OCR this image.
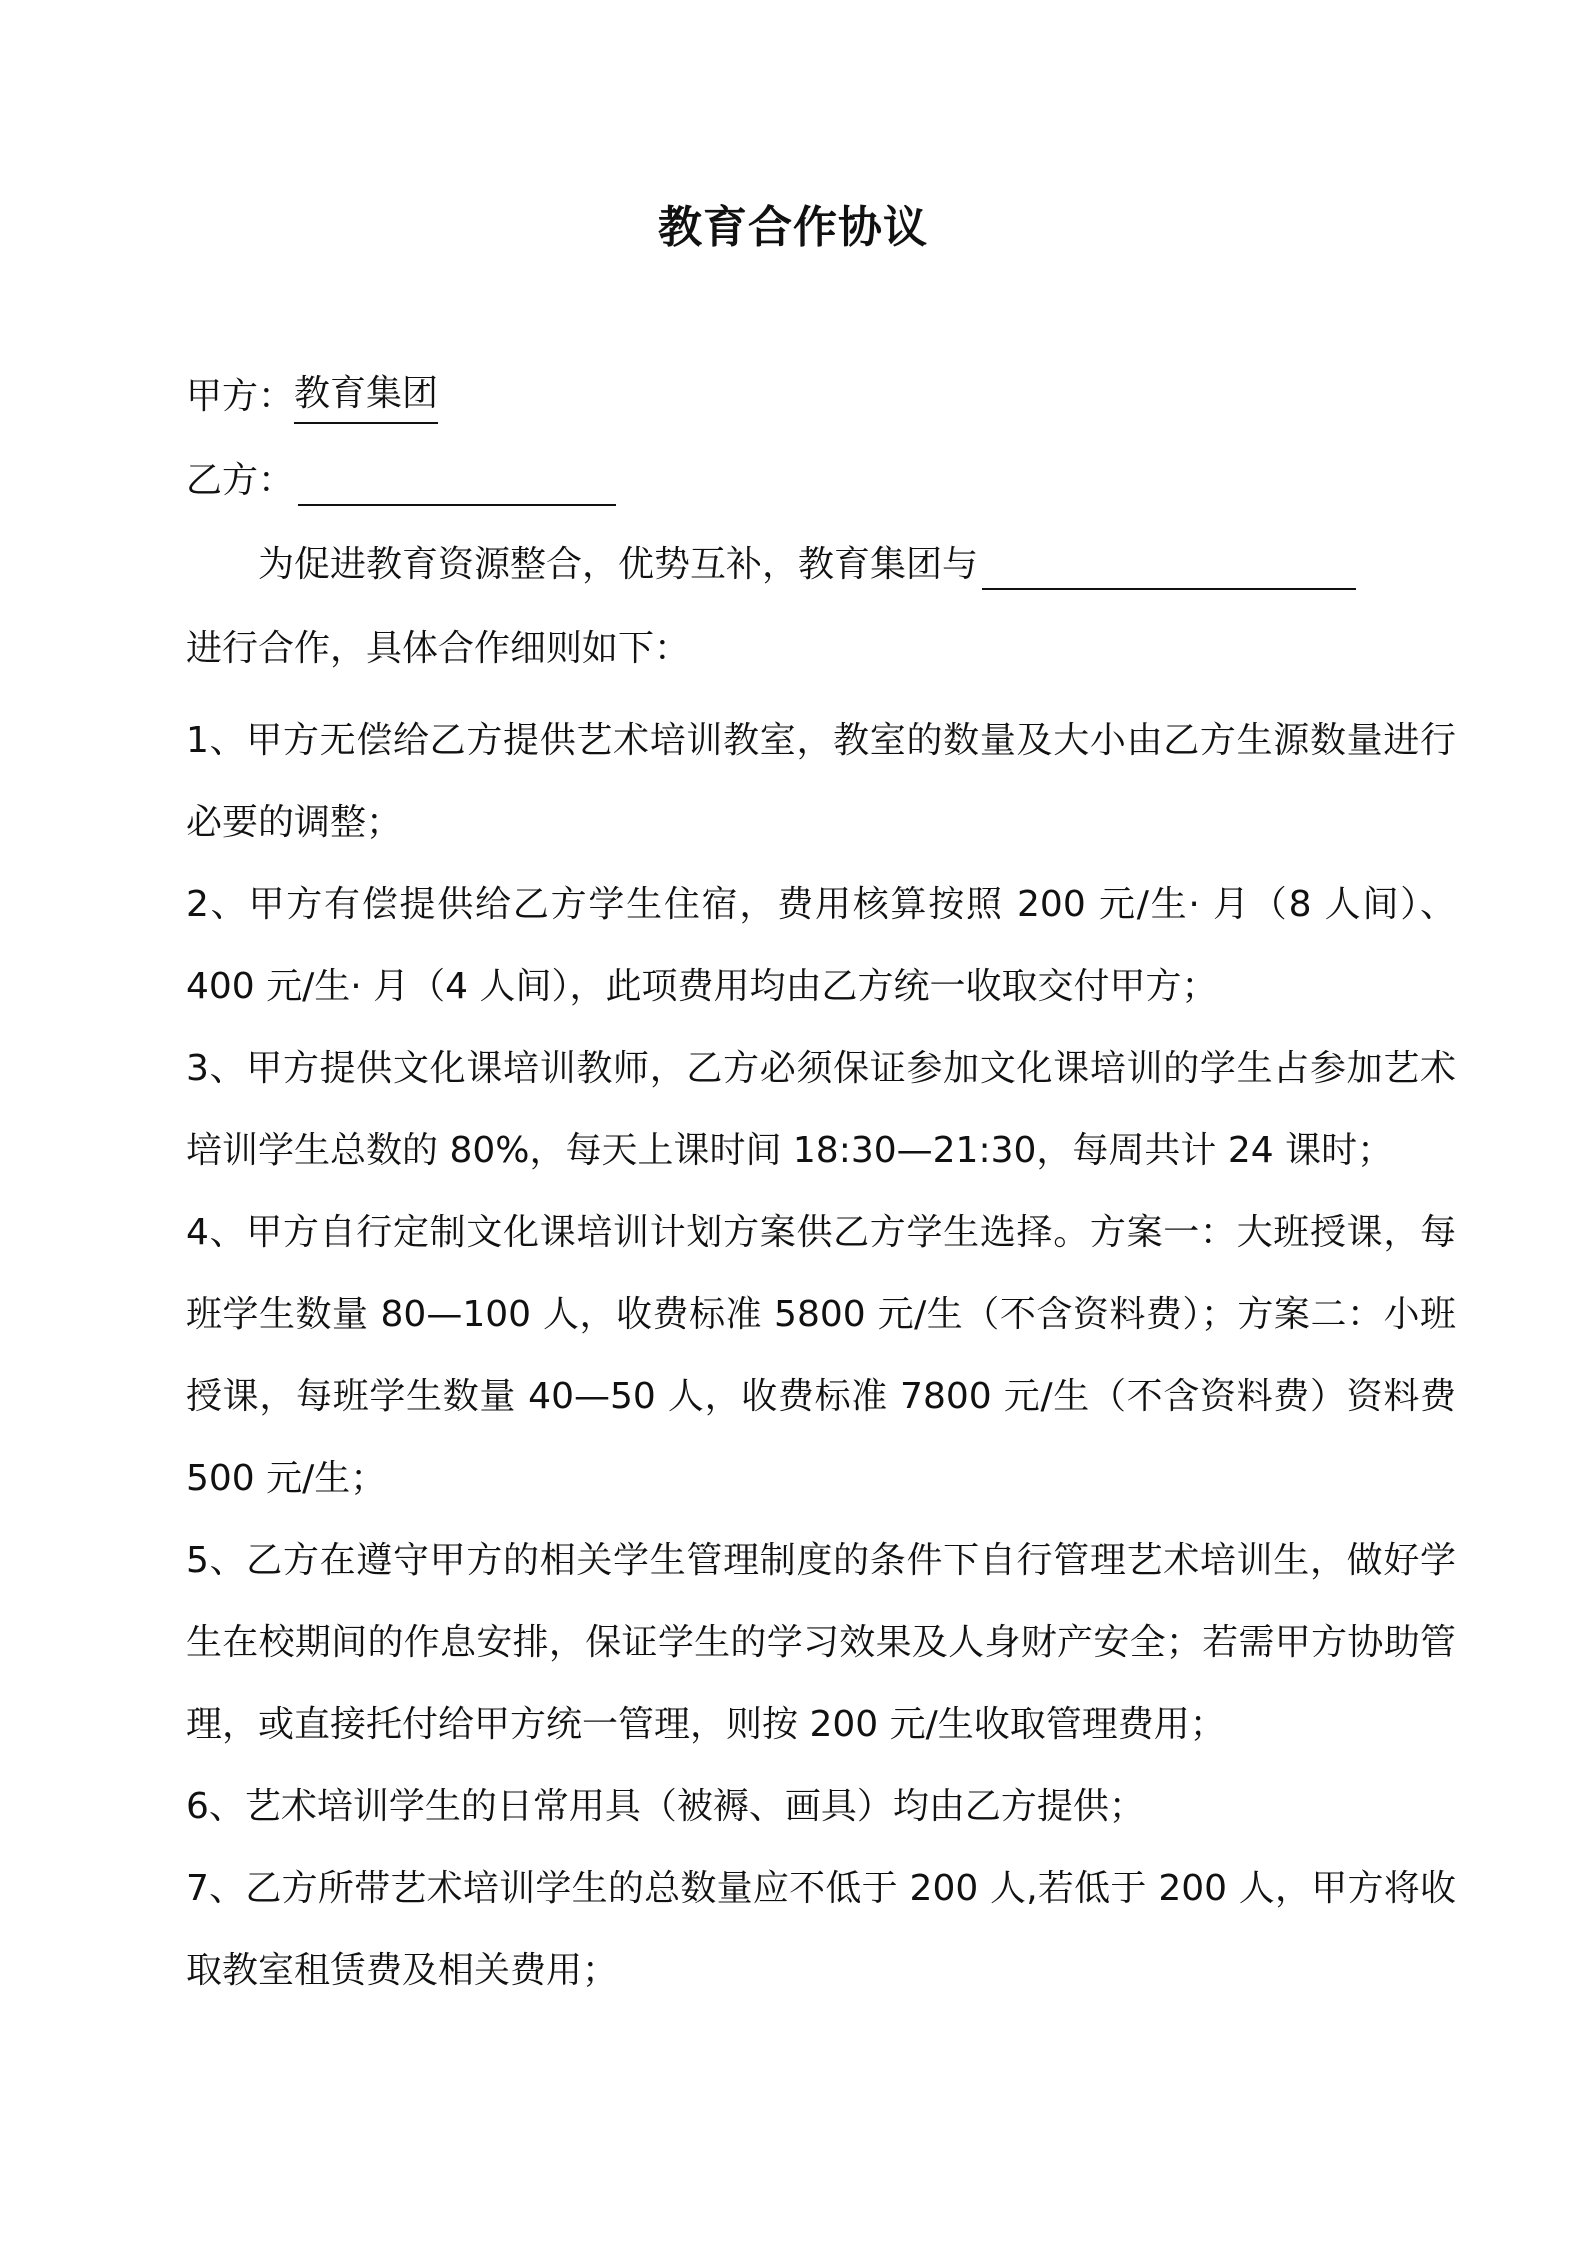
教育合作协议
甲方：教育集团
乙方：
为促进教育资源整合，优势互补，教育集团与
进行合作，具体合作细则如下：
1、甲方无偿给乙方提供艺术培训教室，教室的数量及大小由乙方生源数量进行必要的调整；
2、甲方有偿提供给乙方学生住宿，费用核算按照 200 元/生· 月（8 人间）、400 元/生· 月（4 人间），此项费用均由乙方统一收取交付甲方；
3、甲方提供文化课培训教师，乙方必须保证参加文化课培训的学生占参加艺术培训学生总数的 80%，每天上课时间 18:30—21:30，每周共计 24 课时；
4、甲方自行定制文化课培训计划方案供乙方学生选择。方案一：大班授课，每班学生数量 80—100 人，收费标准 5800 元/生（不含资料费）；方案二：小班授课，每班学生数量 40—50 人，收费标准 7800 元/生（不含资料费）资料费 500 元/生；
5、乙方在遵守甲方的相关学生管理制度的条件下自行管理艺术培训生，做好学生在校期间的作息安排，保证学生的学习效果及人身财产安全；若需甲方协助管理，或直接托付给甲方统一管理，则按 200 元/生收取管理费用；
6、艺术培训学生的日常用具（被褥、画具）均由乙方提供；
7、乙方所带艺术培训学生的总数量应不低于 200 人,若低于 200 人，甲方将收取教室租赁费及相关费用；
